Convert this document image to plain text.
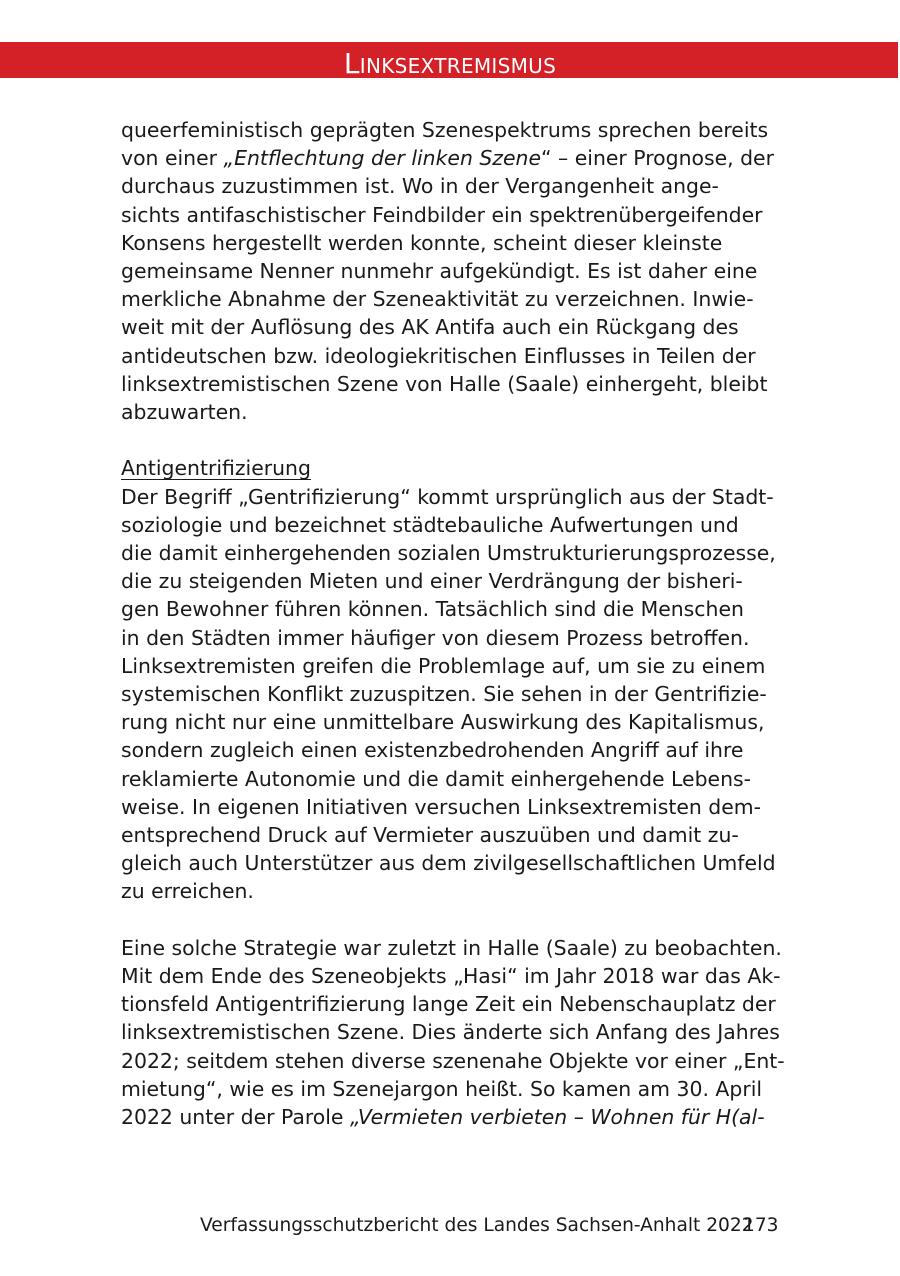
Linksextremismus
queerfeministisch geprägten Szenespektrums sprechen bereits
von einer „Entflechtung der linken Szene“ – einer Prognose, der
durchaus zuzustimmen ist. Wo in der Vergangenheit ange-
sichts antifaschistischer Feindbilder ein spektrenübergeifender
Konsens hergestellt werden konnte, scheint dieser kleinste
gemeinsame Nenner nunmehr aufgekündigt. Es ist daher eine
merkliche Abnahme der Szeneaktivität zu verzeichnen. Inwie-
weit mit der Auflösung des AK Antifa auch ein Rückgang des
antideutschen bzw. ideologiekritischen Einflusses in Teilen der
linksextremistischen Szene von Halle (Saale) einhergeht, bleibt
abzuwarten.
Antigentrifizierung
Der Begriff „Gentrifizierung“ kommt ursprünglich aus der Stadt-
soziologie und bezeichnet städtebauliche Aufwertungen und
die damit einhergehenden sozialen Umstrukturierungsprozesse,
die zu steigenden Mieten und einer Verdrängung der bisheri-
gen Bewohner führen können. Tatsächlich sind die Menschen
in den Städten immer häufiger von diesem Prozess betroffen.
Linksextremisten greifen die Problemlage auf, um sie zu einem
systemischen Konflikt zuzuspitzen. Sie sehen in der Gentrifizie-
rung nicht nur eine unmittelbare Auswirkung des Kapitalismus,
sondern zugleich einen existenzbedrohenden Angriff auf ihre
reklamierte Autonomie und die damit einhergehende Lebens-
weise. In eigenen Initiativen versuchen Linksextremisten dem-
entsprechend Druck auf Vermieter auszuüben und damit zu-
gleich auch Unterstützer aus dem zivilgesellschaftlichen Umfeld
zu erreichen.
Eine solche Strategie war zuletzt in Halle (Saale) zu beobachten.
Mit dem Ende des Szeneobjekts „Hasi“ im Jahr 2018 war das Ak-
tionsfeld Antigentrifizierung lange Zeit ein Nebenschauplatz der
linksextremistischen Szene. Dies änderte sich Anfang des Jahres
2022; seitdem stehen diverse szenenahe Objekte vor einer „Ent-
mietung“, wie es im Szenejargon heißt. So kamen am 30. April
2022 unter der Parole „Vermieten verbieten – Wohnen für H(al-
Verfassungsschutzbericht des Landes Sachsen-Anhalt 2022
173
